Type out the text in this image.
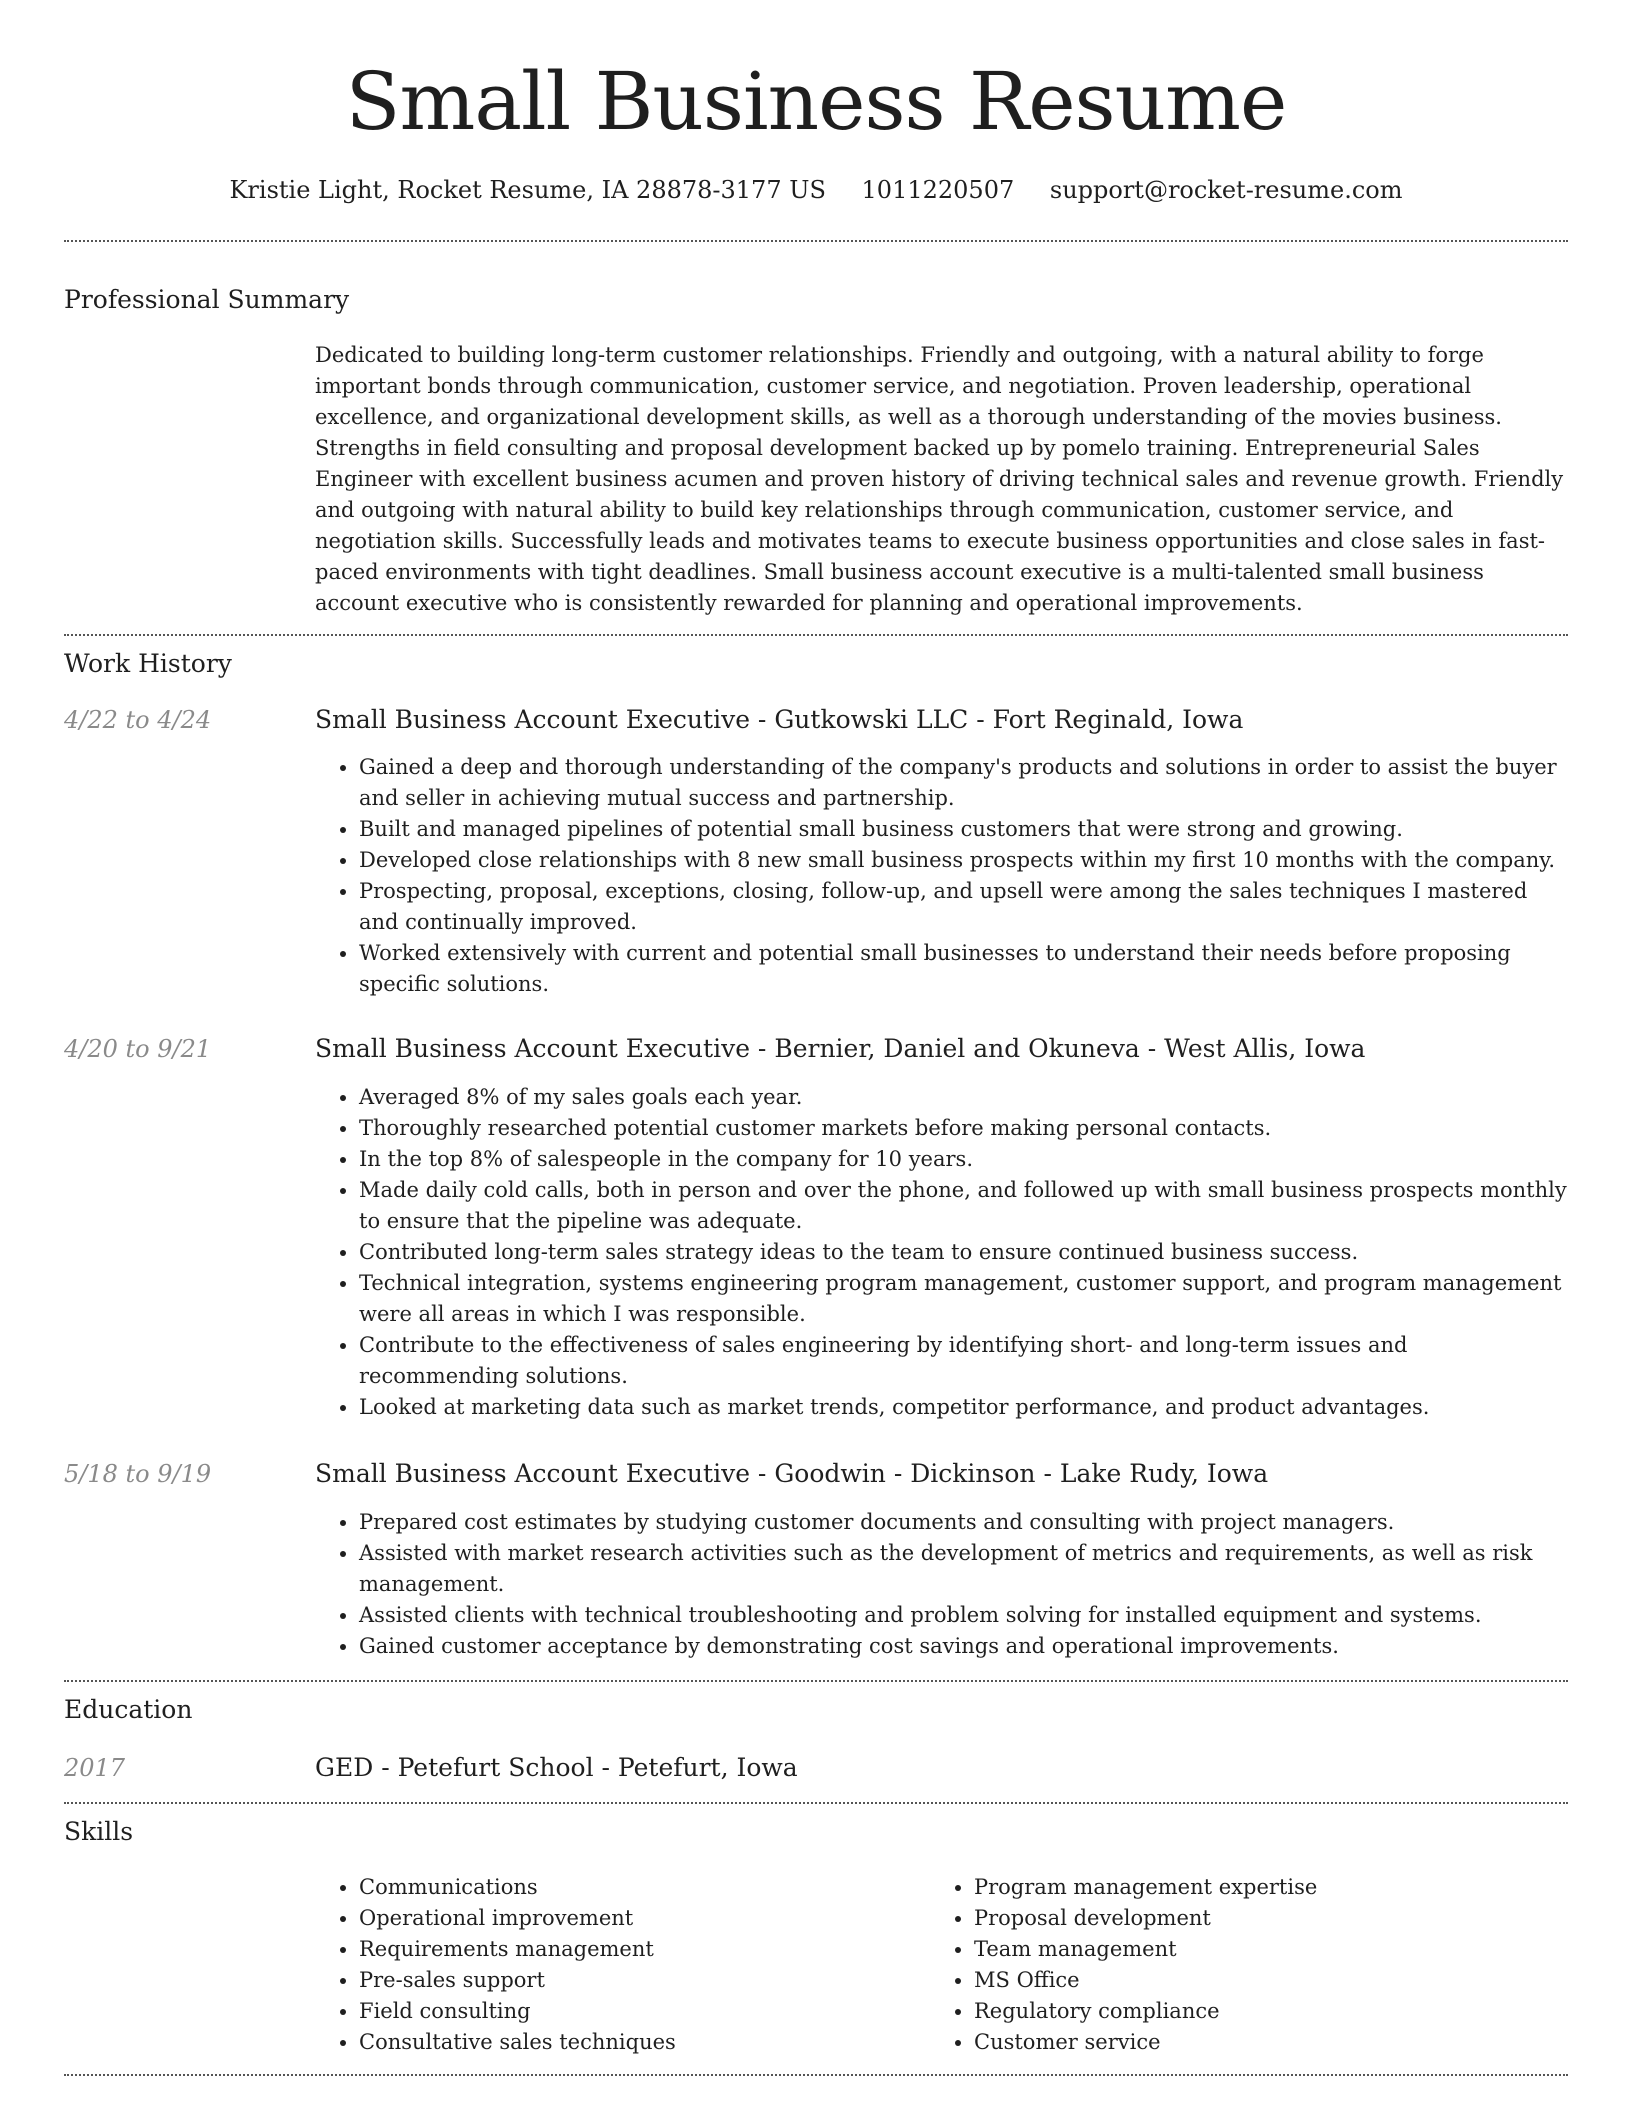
Small Business Resume
Kristie Light, Rocket Resume, IA 28878-3177 US 1011220507 support@rocket-resume.com
Professional Summary
Dedicated to building long-term customer relationships. Friendly and outgoing, with a natural ability to forge important bonds through communication, customer service, and negotiation. Proven leadership, operational excellence, and organizational development skills, as well as a thorough understanding of the movies business. Strengths in field consulting and proposal development backed up by pomelo training. Entrepreneurial Sales Engineer with excellent business acumen and proven history of driving technical sales and revenue growth. Friendly and outgoing with natural ability to build key relationships through communication, customer service, and negotiation skills. Successfully leads and motivates teams to execute business opportunities and close sales in fast-paced environments with tight deadlines. Small business account executive is a multi-talented small business account executive who is consistently rewarded for planning and operational improvements.
Work History
4/22 to 4/24	Small Business Account Executive - Gutkowski LLC - Fort Reginald, Iowa
• Gained a deep and thorough understanding of the company's products and solutions in order to assist the buyer and seller in achieving mutual success and partnership.
• Built and managed pipelines of potential small business customers that were strong and growing.
• Developed close relationships with 8 new small business prospects within my first 10 months with the company.
• Prospecting, proposal, exceptions, closing, follow-up, and upsell were among the sales techniques I mastered and continually improved.
• Worked extensively with current and potential small businesses to understand their needs before proposing specific solutions.
4/20 to 9/21	Small Business Account Executive - Bernier, Daniel and Okuneva - West Allis, Iowa
• Averaged 8% of my sales goals each year.
• Thoroughly researched potential customer markets before making personal contacts.
• In the top 8% of salespeople in the company for 10 years.
• Made daily cold calls, both in person and over the phone, and followed up with small business prospects monthly to ensure that the pipeline was adequate.
• Contributed long-term sales strategy ideas to the team to ensure continued business success.
• Technical integration, systems engineering program management, customer support, and program management were all areas in which I was responsible.
• Contribute to the effectiveness of sales engineering by identifying short- and long-term issues and recommending solutions.
• Looked at marketing data such as market trends, competitor performance, and product advantages.
5/18 to 9/19	Small Business Account Executive - Goodwin - Dickinson - Lake Rudy, Iowa
• Prepared cost estimates by studying customer documents and consulting with project managers.
• Assisted with market research activities such as the development of metrics and requirements, as well as risk management.
• Assisted clients with technical troubleshooting and problem solving for installed equipment and systems.
• Gained customer acceptance by demonstrating cost savings and operational improvements.
Education
2017	GED - Petefurt School - Petefurt, Iowa
Skills
• Communications
• Operational improvement
• Requirements management
• Pre-sales support
• Field consulting
• Consultative sales techniques
• Program management expertise
• Proposal development
• Team management
• MS Office
• Regulatory compliance
• Customer service
